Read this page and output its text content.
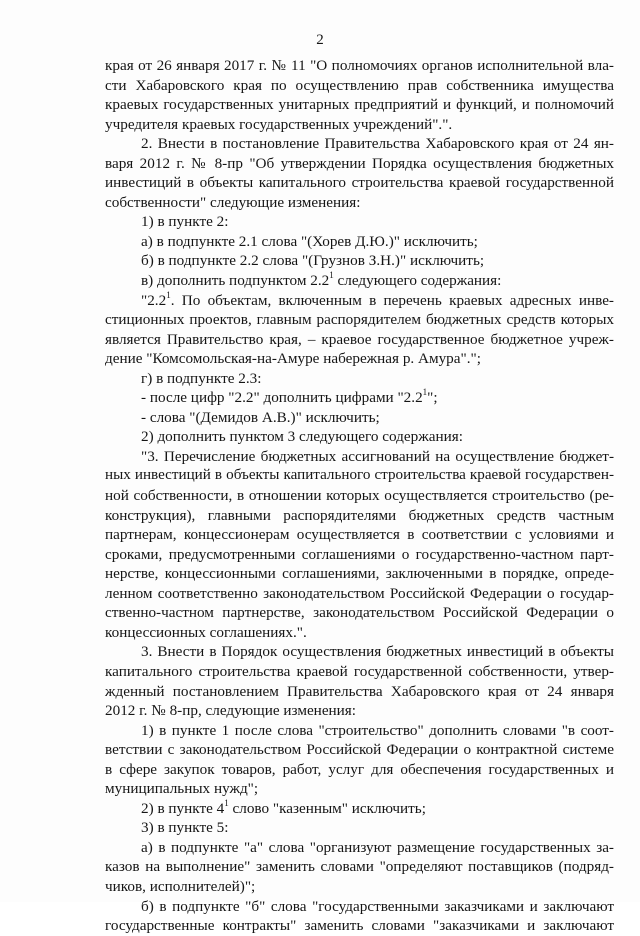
2
края от 26 января 2017 г. № 11 "О полномочиях органов исполнительной вла-
сти Хабаровского края по осуществлению прав собственника имущества
краевых государственных унитарных предприятий и функций, и полномочий
учредителя краевых государственных учреждений".".
2. Внести в постановление Правительства Хабаровского края от 24 ян-
варя 2012 г. № 8-пр "Об утверждении Порядка осуществления бюджетных
инвестиций в объекты капитального строительства краевой государственной
собственности" следующие изменения:
1) в пункте 2:
а) в подпункте 2.1 слова "(Хорев Д.Ю.)" исключить;
б) в подпункте 2.2 слова "(Грузнов З.Н.)" исключить;
в) дополнить подпунктом $2.2^1$ следующего содержания:
"$2.2^1$. По объектам, включенным в перечень краевых адресных инве-
стиционных проектов, главным распорядителем бюджетных средств которых
является Правительство края, – краевое государственное бюджетное учреж-
дение "Комсомольская-на-Амуре набережная р. Амура".";
г) в подпункте 2.3:
- после цифр "2.2" дополнить цифрами "$2.2^1$";
- слова "(Демидов А.В.)" исключить;
2) дополнить пунктом 3 следующего содержания:
"3. Перечисление бюджетных ассигнований на осуществление бюджет-
ных инвестиций в объекты капитального строительства краевой государствен-
ной собственности, в отношении которых осуществляется строительство (ре-
конструкция), главными распорядителями бюджетных средств частным
партнерам, концессионерам осуществляется в соответствии с условиями и
сроками, предусмотренными соглашениями о государственно-частном парт-
нерстве, концессионными соглашениями, заключенными в порядке, опреде-
ленном соответственно законодательством Российской Федерации о государ-
ственно-частном партнерстве, законодательством Российской Федерации о
концессионных соглашениях.".
3. Внести в Порядок осуществления бюджетных инвестиций в объекты
капитального строительства краевой государственной собственности, утвер-
жденный постановлением Правительства Хабаровского края от 24 января
2012 г. № 8-пр, следующие изменения:
1) в пункте 1 после слова "строительство" дополнить словами "в соот-
ветствии с законодательством Российской Федерации о контрактной системе
в сфере закупок товаров, работ, услуг для обеспечения государственных и
муниципальных нужд";
2) в пункте $4^1$ слово "казенным" исключить;
3) в пункте 5:
а) в подпункте "а" слова "организуют размещение государственных за-
казов на выполнение" заменить словами "определяют поставщиков (подряд-
чиков, исполнителей)";
б) в подпункте "б" слова "государственными заказчиками и заключают
государственные контракты" заменить словами "заказчиками и заключают
